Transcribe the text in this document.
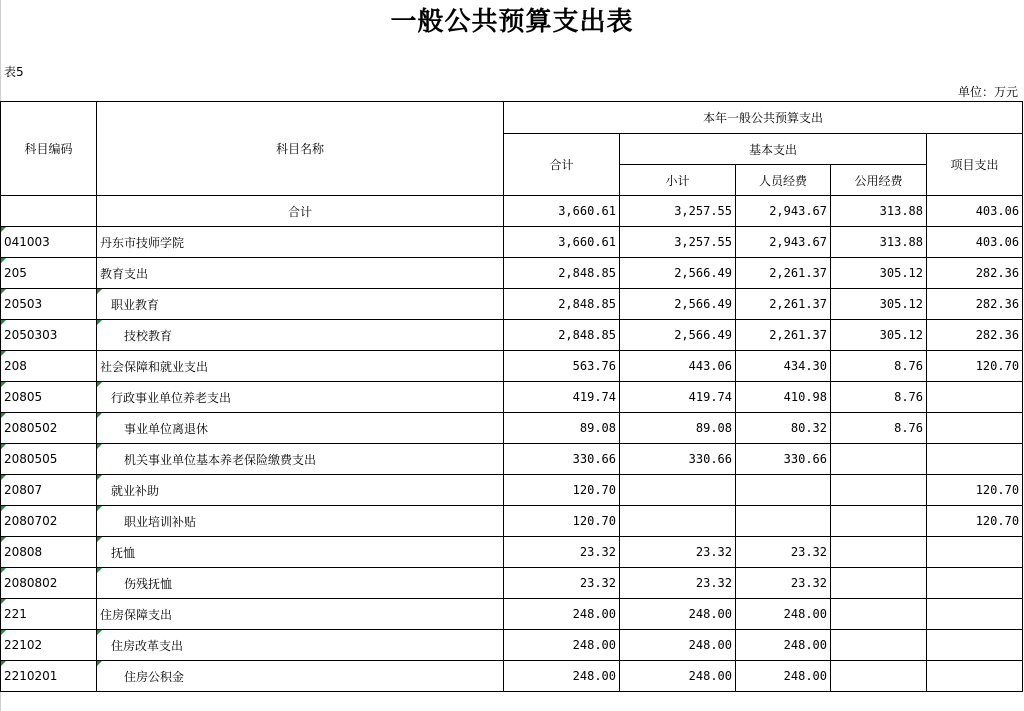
一般公共预算支出表
表5
单位：万元
科目编码	科目名称	本年一般公共预算支出				
		合计	基本支出			项目支出
			小计	人员经费	公用经费	
	合计	3,660.61	3,257.55	2,943.67	313.88	403.06
041003	丹东市技师学院	3,660.61	3,257.55	2,943.67	313.88	403.06
205	教育支出	2,848.85	2,566.49	2,261.37	305.12	282.36
20503	职业教育	2,848.85	2,566.49	2,261.37	305.12	282.36
2050303	技校教育	2,848.85	2,566.49	2,261.37	305.12	282.36
208	社会保障和就业支出	563.76	443.06	434.30	8.76	120.70
20805	行政事业单位养老支出	419.74	419.74	410.98	8.76	
2080502	事业单位离退休	89.08	89.08	80.32	8.76	
2080505	机关事业单位基本养老保险缴费支出	330.66	330.66	330.66		
20807	就业补助	120.70				120.70
2080702	职业培训补贴	120.70				120.70
20808	抚恤	23.32	23.32	23.32		
2080802	伤残抚恤	23.32	23.32	23.32		
221	住房保障支出	248.00	248.00	248.00		
22102	住房改革支出	248.00	248.00	248.00		
2210201	住房公积金	248.00	248.00	248.00		
